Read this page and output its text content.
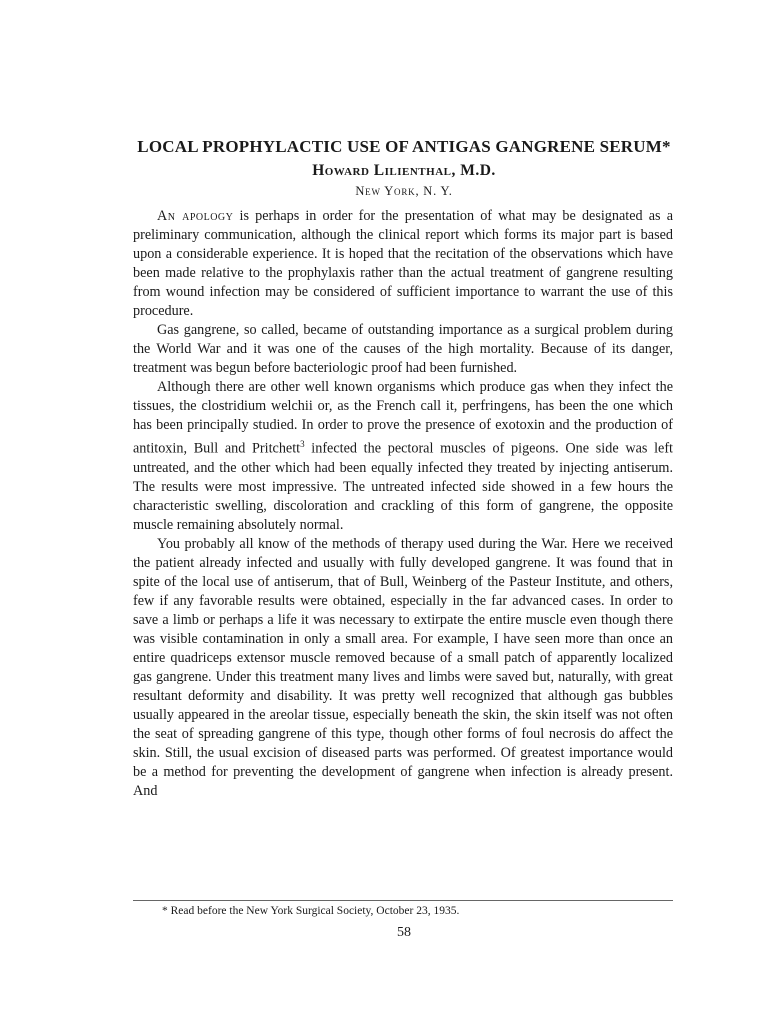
LOCAL PROPHYLACTIC USE OF ANTIGAS GANGRENE SERUM*
Howard Lilienthal, M.D.
New York, N. Y.

An apology is perhaps in order for the presentation of what may be designated as a preliminary communication, although the clinical report which forms its major part is based upon a considerable experience. It is hoped that the recitation of the observations which have been made relative to the prophylaxis rather than the actual treatment of gangrene resulting from wound infection may be considered of sufficient importance to warrant the use of this procedure.

Gas gangrene, so called, became of outstanding importance as a surgical problem during the World War and it was one of the causes of the high mortality. Because of its danger, treatment was begun before bacteriologic proof had been furnished.

Although there are other well known organisms which produce gas when they infect the tissues, the clostridium welchii or, as the French call it, perfringens, has been the one which has been principally studied. In order to prove the presence of exotoxin and the production of antitoxin, Bull and Pritchett$^3$ infected the pectoral muscles of pigeons. One side was left untreated, and the other which had been equally infected they treated by injecting antiserum. The results were most impressive. The untreated infected side showed in a few hours the characteristic swelling, discoloration and crackling of this form of gangrene, the opposite muscle remaining absolutely normal.

You probably all know of the methods of therapy used during the War. Here we received the patient already infected and usually with fully developed gangrene. It was found that in spite of the local use of antiserum, that of Bull, Weinberg of the Pasteur Institute, and others, few if any favorable results were obtained, especially in the far advanced cases. In order to save a limb or perhaps a life it was necessary to extirpate the entire muscle even though there was visible contamination in only a small area. For example, I have seen more than once an entire quadriceps extensor muscle removed because of a small patch of apparently localized gas gangrene. Under this treatment many lives and limbs were saved but, naturally, with great resultant deformity and disability. It was pretty well recognized that although gas bubbles usually appeared in the areolar tissue, especially beneath the skin, the skin itself was not often the seat of spreading gangrene of this type, though other forms of foul necrosis do affect the skin. Still, the usual excision of diseased parts was performed. Of greatest importance would be a method for preventing the development of gangrene when infection is already present. And

* Read before the New York Surgical Society, October 23, 1935.
58
